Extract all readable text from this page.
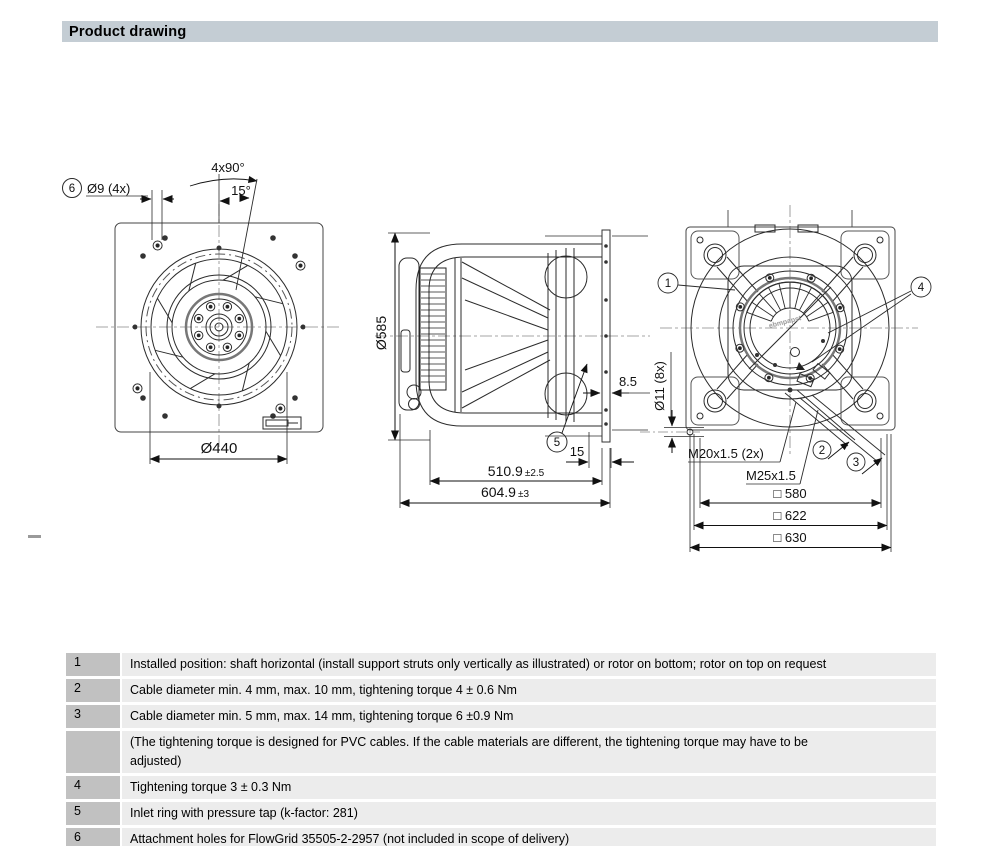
Product drawing
6 Ø9 (4x)
4x90°
15°
Ø440
Ø585
8.5
15
510.9 ±2.5
604.9 ±3
5
ebmpapst
1	4
2
3
Ø11 (8x)
M20x1.5 (2x)
M25x1.5
□ 580
□ 622
□ 630
1	Installed position: shaft horizontal (install support struts only vertically as illustrated) or rotor on bottom; rotor on top on request
2	Cable diameter min. 4 mm, max. 10 mm, tightening torque 4 ± 0.6 Nm
3	Cable diameter min. 5 mm, max. 14 mm, tightening torque 6 ±0.9 Nm
(The tightening torque is designed for PVC cables. If the cable materials are different, the tightening torque may have to be adjusted)
4	Tightening torque 3 ± 0.3 Nm
5	Inlet ring with pressure tap (k-factor: 281)
6	Attachment holes for FlowGrid 35505-2-2957 (not included in scope of delivery)
